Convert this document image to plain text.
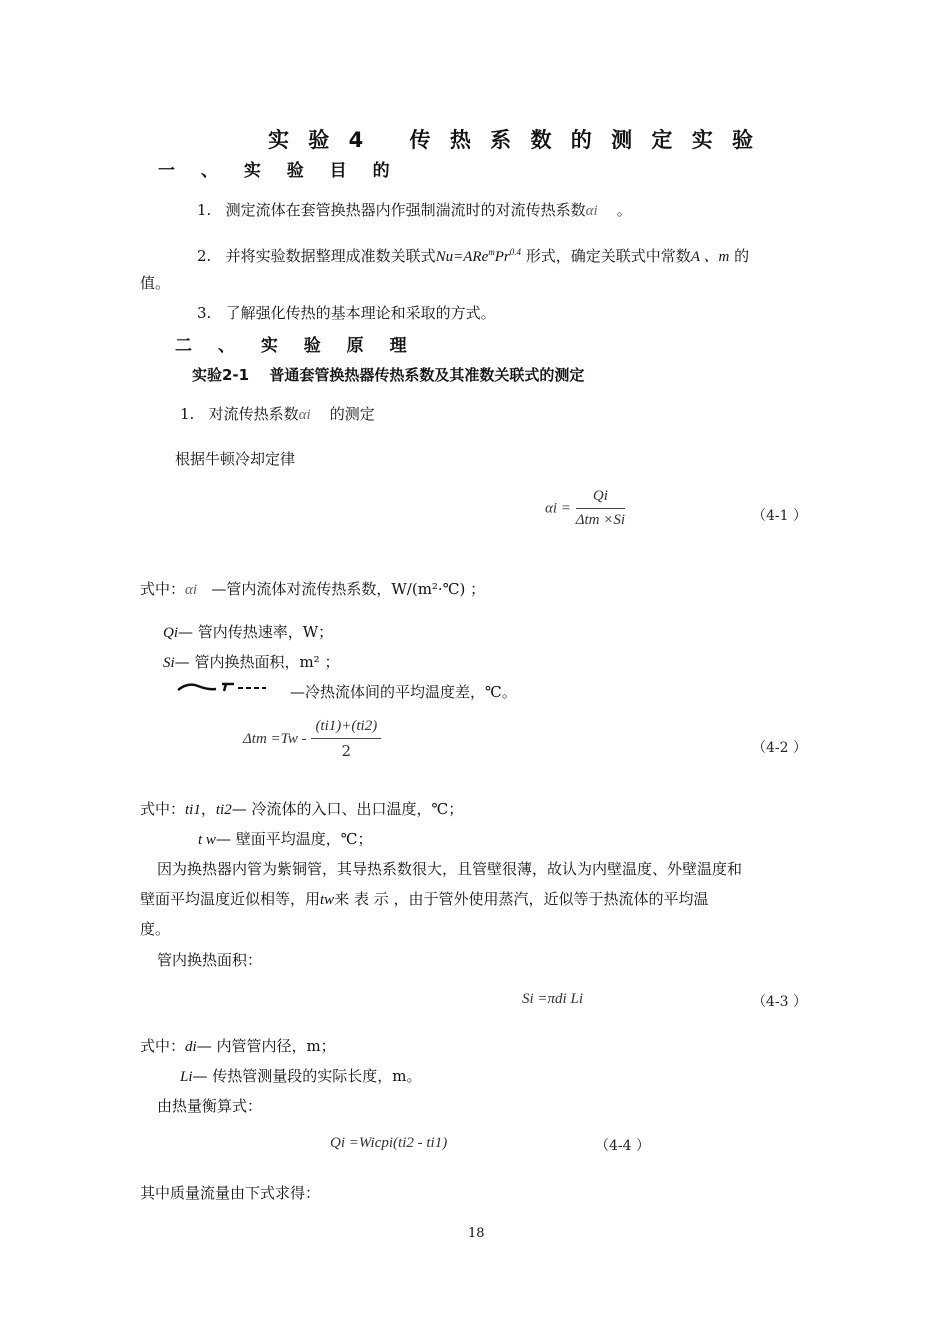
实 验 4　 传 热 系 数 的 测 定 实 验
一 、 实 验 目 的
1. 测定流体在套管换热器内作强制湍流时的对流传热系数αi 。
2. 并将实验数据整理成准数关联式$Nu=ARe^mPr^{0.4}$ 形式，确定关联式中常数A 、m 的
值。
3. 了解强化传热的基本理论和采取的方式。
二 、 实 验 原 理
实验2-1　 普通套管换热器传热系数及其准数关联式的测定
1. 对流传热系数αi 的测定
根据牛顿冷却定律
$\alpha i = \frac{Qi}{\text{Δtm ×Si}}$	（4-1 ）
式中：αi —管内流体对流传热系数，W/(m²·℃) ；
Qi— 管内传热速率，W；
Si— 管内换热面积，m² ；
—冷热流体间的平均温度差，℃。
$\Delta tm =Tw - \frac{(ti1)+(ti2)}{2}$	（4-2 ）
式中：ti1，ti2— 冷流体的入口、出口温度，℃；
t w— 壁面平均温度，℃；
因为换热器内管为紫铜管，其导热系数很大，且管壁很薄，故认为内壁温度、外壁温度和
壁面平均温度近似相等，用tw来 表 示 ，由于管外使用蒸汽，近似等于热流体的平均温
度。
管内换热面积：
Si =πdi Li	（4-3 ）
式中：di— 内管管内径，m；
Li— 传热管测量段的实际长度，m。
由热量衡算式：
Qi =Wicpi(ti2 - ti1)	（4-4 ）
其中质量流量由下式求得：
18
